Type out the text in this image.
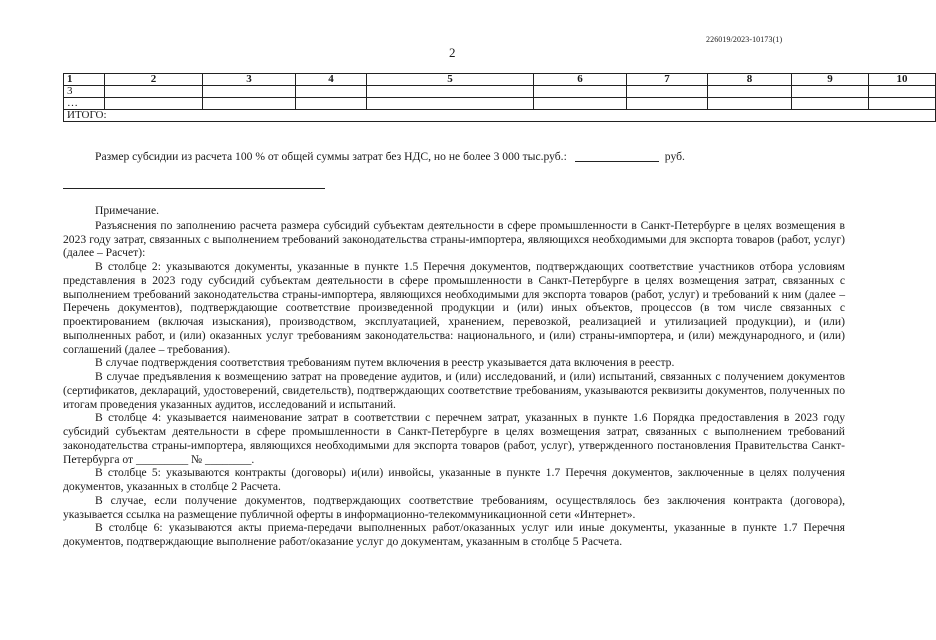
226019/2023-10173(1)
2
1	2	3	4	5	6	7	8	9	10
3									
…									
ИТОГО:									
Размер субсидии из расчета 100 % от общей суммы затрат без НДС, но не более 3 000 тыс.руб.:	руб.

Примечание.

Разъяснения по заполнению расчета размера субсидий субъектам деятельности в сфере промышленности в Санкт-Петербурге в целях возмещения в 2023 году затрат, связанных с выполнением требований законодательства страны-импортера, являющихся необходимыми для экспорта товаров (работ, услуг) (далее – Расчет):

В столбце 2: указываются документы, указанные в пункте 1.5 Перечня документов, подтверждающих соответствие участников отбора условиям представления в 2023 году субсидий субъектам деятельности в сфере промышленности в Санкт-Петербурге в целях возмещения затрат, связанных с выполнением требований законодательства страны-импортера, являющихся необходимыми для экспорта товаров (работ, услуг) и требований к ним (далее – Перечень документов), подтверждающие соответствие произведенной продукции и (или) иных объектов, процессов (в том числе связанных с проектированием (включая изыскания), производством, эксплуатацией, хранением, перевозкой, реализацией и утилизацией продукции), и (или) выполненных работ, и (или) оказанных услуг требованиям законодательства: национального, и (или) страны-импортера, и (или) международного, и (или) соглашений (далее – требования).

В случае подтверждения соответствия требованиям путем включения в реестр указывается дата включения в реестр.

В случае предъявления к возмещению затрат на проведение аудитов, и (или) исследований, и (или) испытаний, связанных с получением документов (сертификатов, деклараций, удостоверений, свидетельств), подтверждающих соответствие требованиям, указываются реквизиты документов, полученных по итогам проведения указанных аудитов, исследований и испытаний.

В столбце 4: указывается наименование затрат в соответствии с перечнем затрат, указанных в пункте 1.6 Порядка предоставления в 2023 году субсидий субъектам деятельности в сфере промышленности в Санкт-Петербурге в целях возмещения затрат, связанных с выполнением требований законодательства страны-импортера, являющихся необходимыми для экспорта товаров (работ, услуг), утвержденного постановления Правительства Санкт-Петербурга от _________ № ________.

В столбце 5: указываются контракты (договоры) и(или) инвойсы, указанные в пункте 1.7 Перечня документов, заключенные в целях получения документов, указанных в столбце 2 Расчета.

В случае, если получение документов, подтверждающих соответствие требованиям, осуществлялось без заключения контракта (договора), указывается ссылка на размещение публичной оферты в информационно-телекоммуникационной сети «Интернет».

В столбце 6: указываются акты приема-передачи выполненных работ/оказанных услуг или иные документы, указанные в пункте 1.7 Перечня документов, подтверждающие выполнение работ/оказание услуг до документам, указанным в столбце 5 Расчета.
